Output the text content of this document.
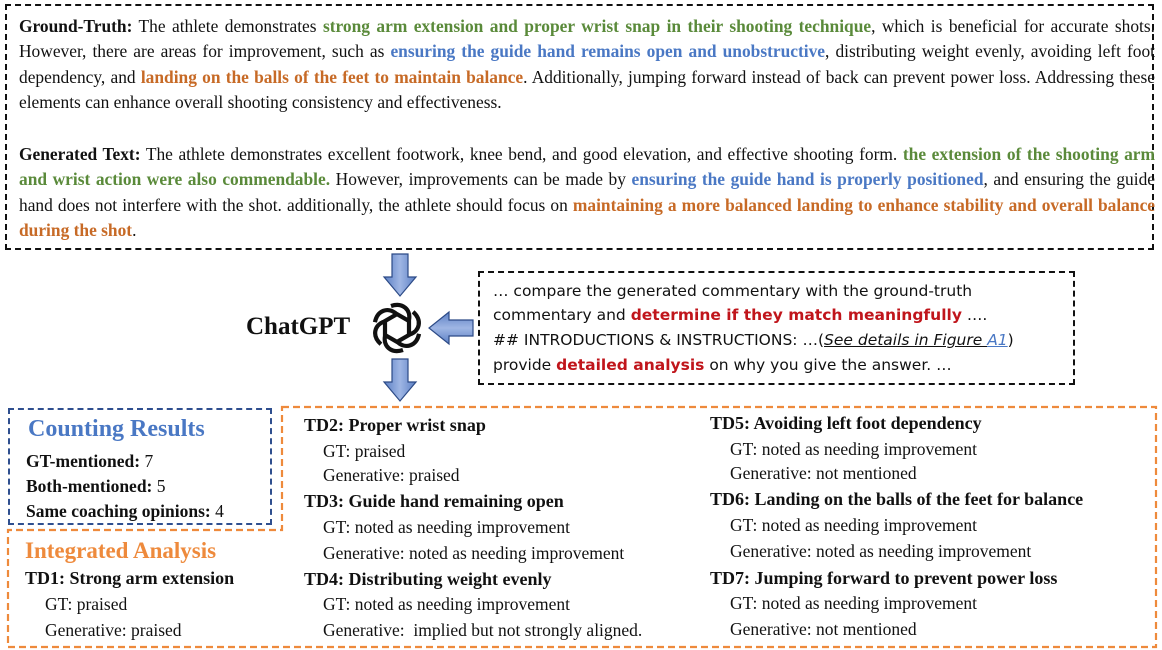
Ground-Truth: The athlete demonstrates strong arm extension and proper wrist snap in their shooting technique, which is beneficial for accurate shots. However, there are areas for improvement, such as ensuring the guide hand remains open and unobstructive, distributing weight evenly, avoiding left foot dependency, and landing on the balls of the feet to maintain balance. Additionally, jumping forward instead of back can prevent power loss. Addressing these elements can enhance overall shooting consistency and effectiveness.

Generated Text: The athlete demonstrates excellent footwork, knee bend, and good elevation, and effective shooting form. the extension of the shooting arm and wrist action were also commendable. However, improvements can be made by ensuring the guide hand is properly positioned, and ensuring the guide hand does not interfere with the shot. additionally, the athlete should focus on maintaining a more balanced landing to enhance stability and overall balance during the shot.

ChatGPT
… compare the generated commentary with the ground-truth
commentary and determine if they match meaningfully ….
## INTRODUCTIONS & INSTRUCTIONS: …(See details in Figure A1)
provide detailed analysis on why you give the answer. …
Counting Results
GT-mentioned: 7
Both-mentioned: 5
Same coaching opinions: 4
Integrated Analysis
TD1: Strong arm extension
GT: praised
Generative: praised
TD2: Proper wrist snap
GT: praised
Generative: praised
TD3: Guide hand remaining open
GT: noted as needing improvement
Generative: noted as needing improvement
TD4: Distributing weight evenly
GT: noted as needing improvement
Generative:  implied but not strongly aligned.
TD5: Avoiding left foot dependency
GT: noted as needing improvement
Generative: not mentioned
TD6: Landing on the balls of the feet for balance
GT: noted as needing improvement
Generative: noted as needing improvement
TD7: Jumping forward to prevent power loss
GT: noted as needing improvement
Generative: not mentioned
